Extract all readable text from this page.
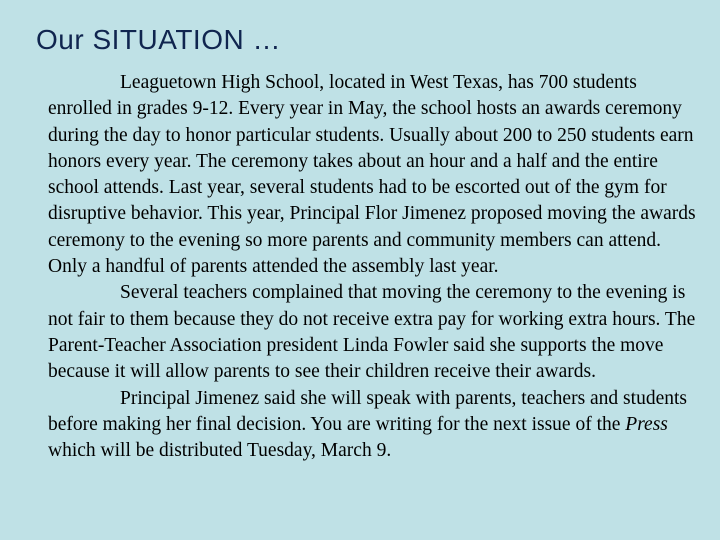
Our SITUATION …

Leaguetown High School, located in West Texas, has 700 students enrolled in grades 9-12. Every year in May, the school hosts an awards ceremony during the day to honor particular students. Usually about 200 to 250 students earn honors every year. The ceremony takes about an hour and a half and the entire school attends. Last year, several students had to be escorted out of the gym for disruptive behavior. This year, Principal Flor Jimenez proposed moving the awards ceremony to the evening so more parents and community members can attend. Only a handful of parents attended the assembly last year.

Several teachers complained that moving the ceremony to the evening is not fair to them because they do not receive extra pay for working extra hours. The Parent-Teacher Association president Linda Fowler said she supports the move because it will allow parents to see their children receive their awards.

Principal Jimenez said she will speak with parents, teachers and students before making her final decision. You are writing for the next issue of the Press which will be distributed Tuesday, March 9.
